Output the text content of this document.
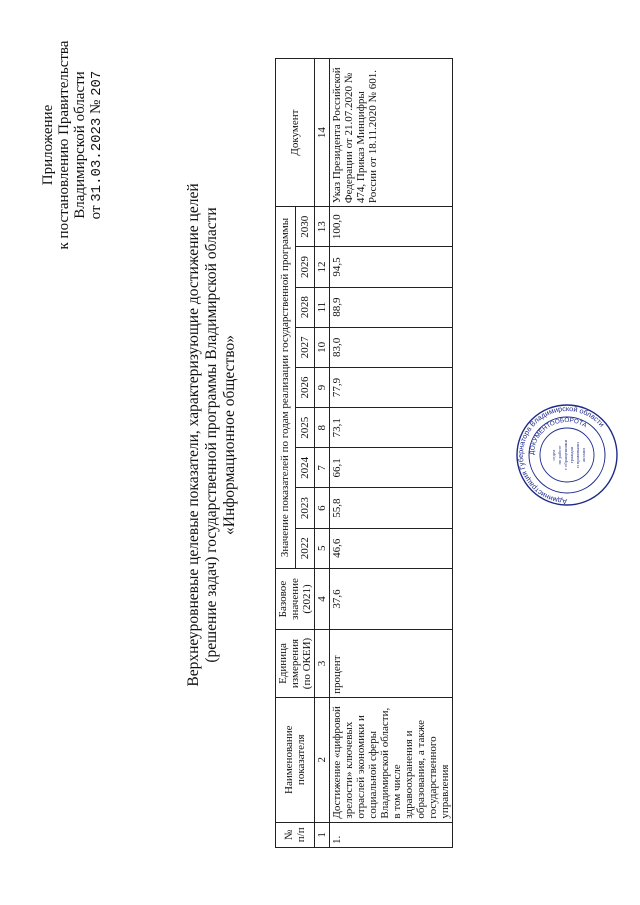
Приложение к постановлению Правительства Владимирской области от 31.03.2023 № 207
Верхнеуровневые целевые показатели, характеризующие достижение целей (решение задач) государственной программы Владимирской области «Информационное общество»
№ п/п	Наименование показателя	Единица измерения (по ОКЕИ)	Базовое значение (2021)	Значение показателей по годам реализации государственной программы									Документ
				2022	2023	2024	2025	2026	2027	2028	2029	2030	
1	2	3	4	5	6	7	8	9	10	11	12	13	14
1.	Достижение «цифровой зрелости» ключевых отраслей экономики и социальной сферы Владимирской области, в том числе здравоохранения и образования, а также государственного управления	процент	37,6	46,6	55,8	66,1	73,1	77,9	83,0	88,9	94,5	100,0	Указ Президента Российской Федерации от 21.07.2020 № 474, Приказ Минцифры России от 18.11.2020 № 601.
Администрация Губернатора Владимирской области
ДОКУМЕНТООБОРОТА
отдел по работе с обращениями граждан и правовыми актами
